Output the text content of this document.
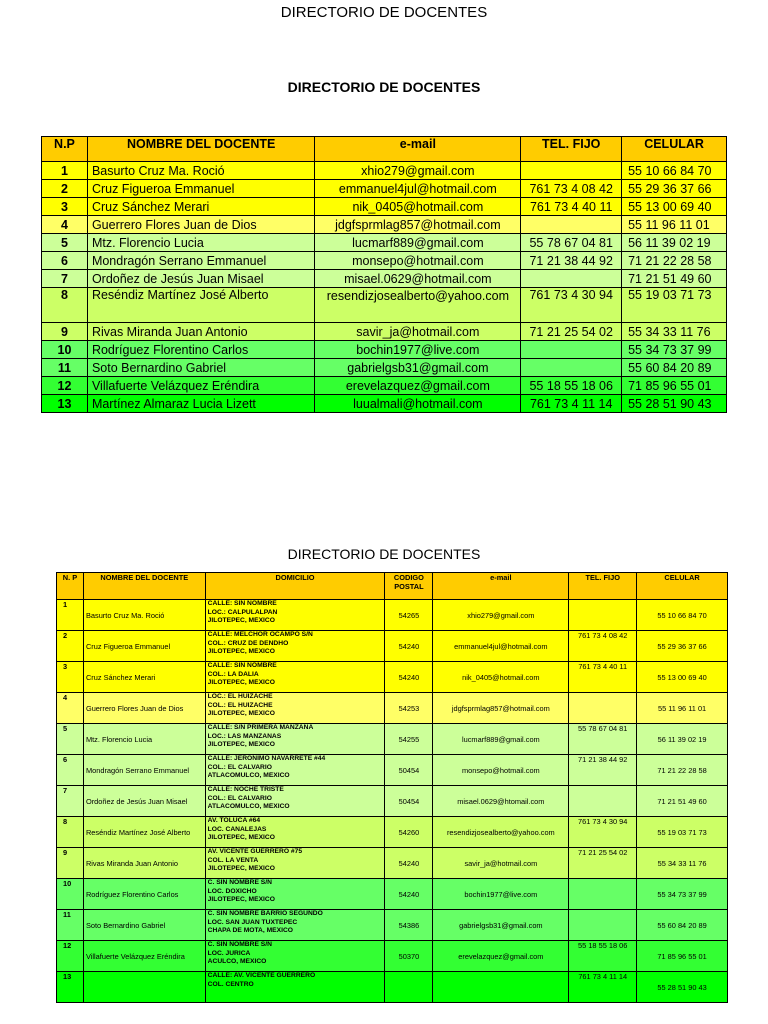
DIRECTORIO DE DOCENTES
DIRECTORIO DE DOCENTES
N.P	NOMBRE DEL DOCENTE	e-mail	TEL. FIJO	CELULAR
1	Basurto Cruz Ma. Roció	xhio279@gmail.com		55 10 66 84 70
2	Cruz Figueroa Emmanuel	emmanuel4jul@hotmail.com	761 73 4 08 42	55 29 36 37 66
3	Cruz Sánchez Merari	nik_0405@hotmail.com	761 73 4 40 11	55 13 00 69 40
4	Guerrero Flores Juan de Dios	jdgfsprmlag857@hotmail.com		55 11 96 11 01
5	Mtz. Florencio Lucia	lucmarf889@gmail.com	55 78 67 04 81	56 11 39 02 19
6	Mondragón Serrano Emmanuel	monsepo@hotmail.com	71 21 38 44 92	71 21 22 28 58
7	Ordoñez de Jesús Juan Misael	misael.0629@hotmail.com		71 21 51 49 60
8	Reséndiz Martínez José Alberto	resendizjosealberto@yahoo.com	761 73 4 30 94	55 19 03 71 73
9	Rivas Miranda Juan Antonio	savir_ja@hotmail.com	71 21 25 54 02	55 34 33 11 76
10	Rodríguez Florentino Carlos	bochin1977@live.com		55 34 73 37 99
11	Soto Bernardino Gabriel	gabrielgsb31@gmail.com		55 60 84 20 89
12	Villafuerte Velázquez Eréndira	erevelazquez@gmail.com	55 18 55 18 06	71 85 96 55 01
13	Martínez Almaraz Lucia Lizett	luualmali@hotmail.com	761 73 4 11 14	55 28 51 90 43
DIRECTORIO DE DOCENTES
N. P	NOMBRE DEL DOCENTE	DOMICILIO	CODIGO POSTAL	e-mail	TEL. FIJO	CELULAR
1	Basurto Cruz Ma. Roció	CALLE: SIN NOMBRE
LOC.: CALPULALPAN
JILOTEPEC, MÉXICO	54265	xhio279@gmail.com		55 10 66 84 70
2	Cruz Figueroa Emmanuel	CALLE: MELCHOR OCAMPO S/N
COL.: CRUZ DE DENDHO
JILOTEPEC, MÉXICO	54240	emmanuel4jul@hotmail.com	761 73 4 08 42	55 29 36 37 66
3	Cruz Sánchez Merari	CALLE: SIN NOMBRE
COL.: LA DALIA
JILOTEPEC, MÉXICO	54240	nik_0405@hotmail.com	761 73 4 40 11	55 13 00 69 40
4	Guerrero Flores Juan de Dios	LOC.: EL HUIZACHE
COL.: EL HUIZACHE
JILOTEPEC, MÉXICO	54253	jdgfsprmlag857@hotmail.com		55 11 96 11 01
5	Mtz. Florencio Lucia	CALLE: S/N PRIMERA MANZANA
LOC.: LAS MANZANAS
JILOTEPEC, MÉXICO	54255	lucmarf889@gmail.com	55 78 67 04 81	56 11 39 02 19
6	Mondragón Serrano Emmanuel	CALLE: JERONIMO NAVARRETE #44
COL.: EL CALVARIO
ATLACOMULCO, MÉXICO	50454	monsepo@hotmail.com	71 21 38 44 92	71 21 22 28 58
7	Ordoñez de Jesús Juan Misael	CALLE: NOCHE TRISTE
COL.: EL CALVARIO
ATLACOMULCO, MÉXICO	50454	misael.0629@htomail.com		71 21 51 49 60
8	Reséndiz Martínez José Alberto	AV. TOLUCA #64
LOC. CANALEJAS
JILOTEPEC, MÉXICO	54260	resendizjosealberto@yahoo.com	761 73 4 30 94	55 19 03 71 73
9	Rivas Miranda Juan Antonio	AV. VICENTE GUERRERO #75
COL. LA VENTA
JILOTEPEC, MÉXICO	54240	savir_ja@hotmail.com	71 21 25 54 02	55 34 33 11 76
10	Rodríguez Florentino Carlos	C. SIN NOMBRE S/N
LOC. DOXICHO
JILOTEPEC, MÉXICO	54240	bochin1977@live.com		55 34 73 37 99
11	Soto Bernardino Gabriel	C. SIN NOMBRE BARRIO SEGUNDO
LOC. SAN JUAN TUXTEPEC
CHAPA DE MOTA, MÉXICO	54386	gabrielgsb31@gmail.com		55 60 84 20 89
12	Villafuerte Velázquez Eréndira	C. SIN NOMBRE S/N
LOC. JURICA
ACULCO, MÉXICO	50370	erevelazquez@gmail.com	55 18 55 18 06	71 85 96 55 01
13		CALLE: AV. VICENTE GUERRERO
COL. CENTRO			761 73 4 11 14	55 28 51 90 43
